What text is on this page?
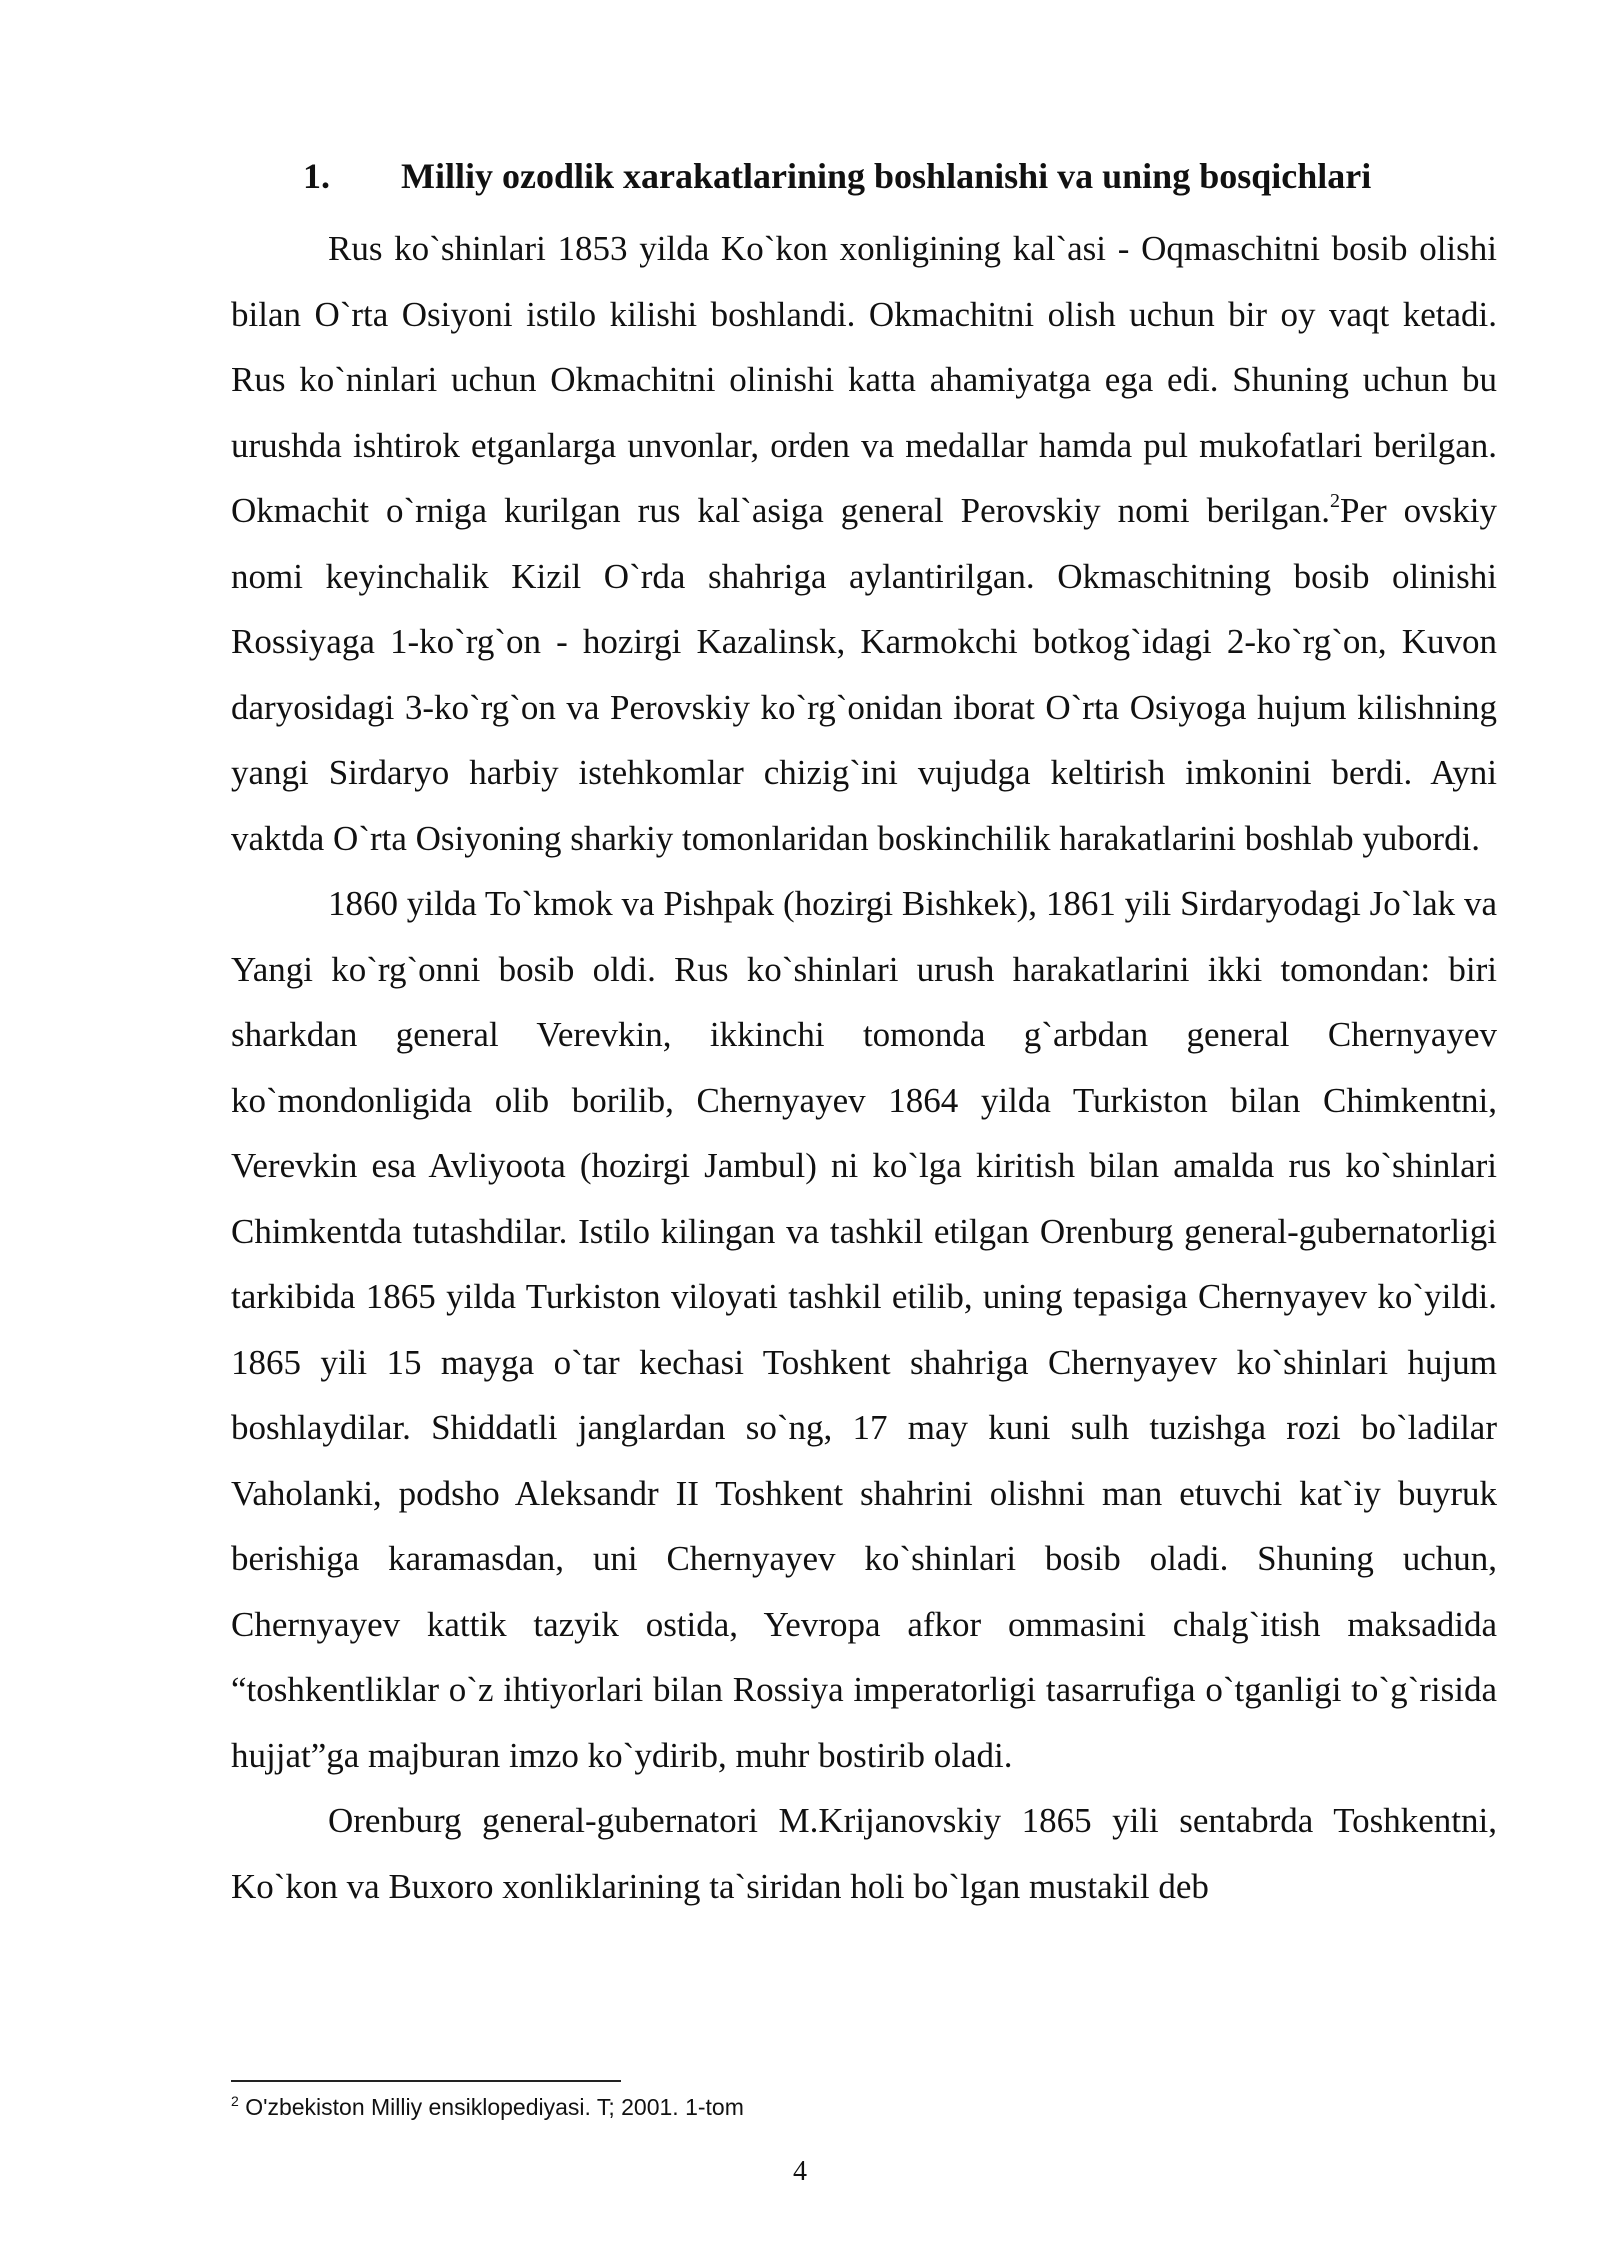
1. Milliy ozodlik xarakatlarining boshlanishi va uning bosqichlari

Rus ko`shinlari 1853 yilda Ko`kon xonligining kal`asi - Oqmaschitni bosib olishi bilan O`rta Osiyoni istilo kilishi boshlandi. Okmachitni olish uchun bir oy vaqt ketadi. Rus ko`ninlari uchun Okmachitni olinishi katta ahamiyatga ega edi. Shuning uchun bu urushda ishtirok etganlarga unvonlar, orden va medallar hamda pul mukofatlari berilgan. Okmachit o`rniga kurilgan rus kal`asiga general Perovskiy nomi berilgan.$^2$Per ovskiy nomi keyinchalik Kizil O`rda shahriga aylantirilgan. Okmaschitning bosib olinishi Rossiyaga 1-ko`rg`on - hozirgi Kazalinsk, Karmokchi botkog`idagi 2-ko`rg`on, Kuvon daryosidagi 3-ko`rg`on va Perovskiy ko`rg`onidan iborat O`rta Osiyoga hujum kilishning yangi Sirdaryo harbiy istehkomlar chizig`ini vujudga keltirish imkonini berdi. Ayni vaktda O`rta Osiyoning sharkiy tomonlaridan boskinchilik harakatlarini boshlab yubordi.

1860 yilda To`kmok va Pishpak (hozirgi Bishkek), 1861 yili Sirdaryodagi Jo`lak va Yangi ko`rg`onni bosib oldi. Rus ko`shinlari urush harakatlarini ikki tomondan: biri sharkdan general Verevkin, ikkinchi tomonda g`arbdan general Chernyayev ko`mondonligida olib borilib, Chernyayev 1864 yilda Turkiston bilan Chimkentni, Verevkin esa Avliyoota (hozirgi Jambul) ni ko`lga kiritish bilan amalda rus ko`shinlari Chimkentda tutashdilar. Istilo kilingan va tashkil etilgan Orenburg general-gubernatorligi tarkibida 1865 yilda Turkiston viloyati tashkil etilib, uning tepasiga Chernyayev ko`yildi. 1865 yili 15 mayga o`tar kechasi Toshkent shahriga Chernyayev ko`shinlari hujum boshlaydilar. Shiddatli janglardan so`ng, 17 may kuni sulh tuzishga rozi bo`ladilar Vaholanki, podsho Aleksandr II Toshkent shahrini olishni man etuvchi kat`iy buyruk berishiga karamasdan, uni Chernyayev ko`shinlari bosib oladi. Shuning uchun, Chernyayev kattik tazyik ostida, Yevropa afkor ommasini chalg`itish maksadida “toshkentliklar o`z ihtiyorlari bilan Rossiya imperatorligi tasarrufiga o`tganligi to`g`risida hujjat”ga majburan imzo ko`ydirib, muhr bostirib oladi.

Orenburg general-gubernatori M.Krijanovskiy 1865 yili sentabrda Toshkentni, Ko`kon va Buxoro xonliklarining ta`siridan holi bo`lgan mustakil deb

$^2$ O'zbekiston Milliy ensiklopediyasi. T; 2001. 1-tom
4
